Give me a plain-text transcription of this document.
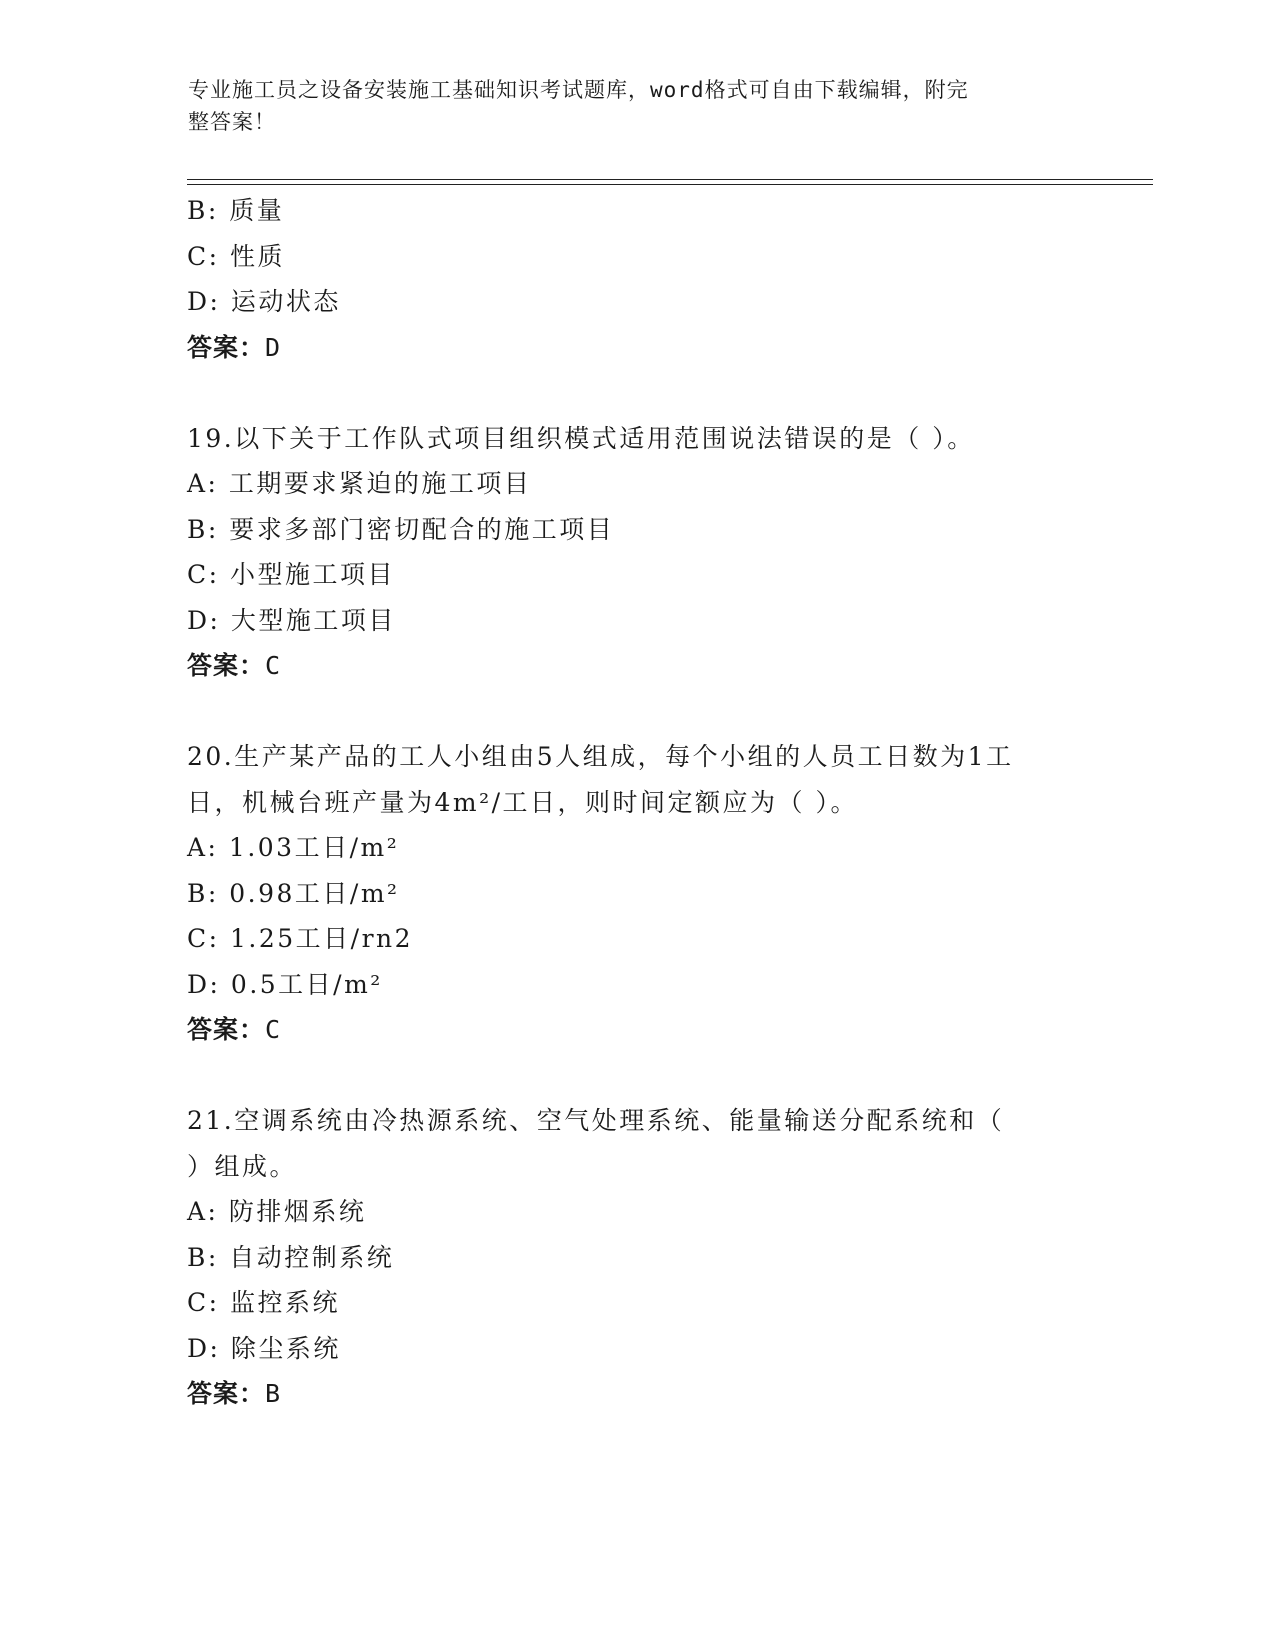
专业施工员之设备安装施工基础知识考试题库，word格式可自由下载编辑，附完
整答案！
B: 质量
C: 性质
D: 运动状态
答案：D
19.以下关于工作队式项目组织模式适用范围说法错误的是（ ）。
A: 工期要求紧迫的施工项目
B: 要求多部门密切配合的施工项目
C: 小型施工项目
D: 大型施工项目
答案：C
20.生产某产品的工人小组由5人组成，每个小组的人员工日数为1工
日，机械台班产量为4m²/工日，则时间定额应为（ ）。
A: 1.03工日/m²
B: 0.98工日/m²
C: 1.25工日/rn2
D: 0.5工日/m²
答案：C
21.空调系统由冷热源系统、空气处理系统、能量输送分配系统和（
）组成。
A: 防排烟系统
B: 自动控制系统
C: 监控系统
D: 除尘系统
答案：B
